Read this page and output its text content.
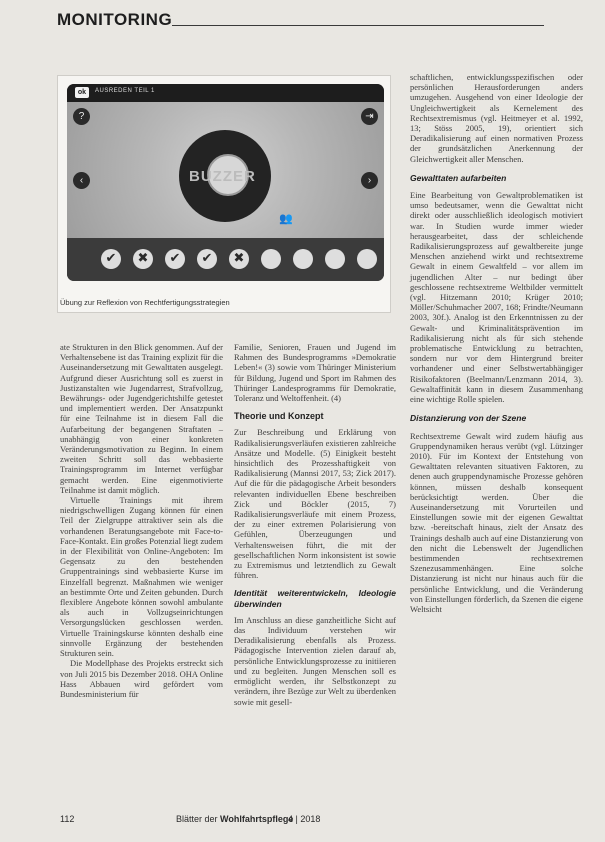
MONITORING
ok	AUSREDEN TEIL 1
?	⇥
‹	›
BUZZER
👥
✔	✖	✔	✔	✖
Übung zur Reflexion von Rechtfertigungsstrategien

ate Strukturen in den Blick genommen. Auf der Verhaltensebene ist das Training explizit für die Auseinandersetzung mit Gewalttaten ausgelegt. Aufgrund dieser Ausrichtung soll es zuerst in Justizanstalten wie Jugendarrest, Strafvollzug, Bewährungs- oder Jugendgerichtshilfe getestet und implementiert werden. Der Ansatzpunkt für eine Teilnahme ist in diesem Fall die Aufarbeitung der begangenen Straftaten – unabhängig von einer konkreten Veränderungsmotivation zu Beginn. In einem zweiten Schritt soll das webbasierte Trainingsprogramm im Internet verfügbar gemacht werden. Eine eigenmotivierte Teilnahme ist damit möglich.

Virtuelle Trainings mit ihrem niedrigschwelligen Zugang können für einen Teil der Zielgruppe attraktiver sein als die vorhandenen Beratungsangebote mit Face-to-Face-Kontakt. Ein großes Potenzial liegt zudem in der Flexibilität von Online-Angeboten: Im Gegensatz zu den bestehenden Gruppentrainings sind webbasierte Kurse im Einzelfall begrenzt. Maßnahmen wie weniger an bestimmte Orte und Zeiten gebunden. Durch flexiblere Angebote können sowohl ambulante als auch in Vollzugseinrichtungen Versorgungslücken geschlossen werden. Virtuelle Trainingskurse könnten deshalb eine sinnvolle Ergänzung der bestehenden Strukturen sein.

Die Modellphase des Projekts erstreckt sich von Juli 2015 bis Dezember 2018. OHA Online Hass Abbauen wird gefördert vom Bundesministerium für

Familie, Senioren, Frauen und Jugend im Rahmen des Bundesprogramms »Demokratie Leben!« (3) sowie vom Thüringer Ministerium für Bildung, Jugend und Sport im Rahmen des Thüringer Landesprogramms für Demokratie, Toleranz und Weltoffenheit. (4)

Theorie und Konzept

Zur Beschreibung und Erklärung von Radikalisierungsverläufen existieren zahlreiche Ansätze und Modelle. (5) Einigkeit besteht hinsichtlich des Prozesshaftigkeit von Radikalisierung (Mannsi 2017, 53; Zick 2017). Auf die für die pädagogische Arbeit besonders relevanten individuellen Ebene beschreiben Zick und Böckler (2015, 7) Radikalisierungsverläufe mit einem Prozess, der zu einer extremen Polarisierung von Gefühlen, Überzeugungen und Verhaltensweisen führt, die mit der gesellschaftlichen Norm inkonsistent ist sowie zu Extremismus und letztendlich zu Gewalt führen.

Identität weiterentwickeln, Ideologie überwinden

Im Anschluss an diese ganzheitliche Sicht auf das Individuum verstehen wir Deradikalisierung ebenfalls als Prozess. Pädagogische Intervention zielen darauf ab, persönliche Entwicklungsprozesse zu initiieren und zu begleiten. Jungen Menschen soll es ermöglicht werden, ihr Selbstkonzept zu verändern, ihre Bezüge zur Welt zu überdenken sowie mit gesell-

schaftlichen, entwicklungsspezifischen oder persönlichen Herausforderungen anders umzugehen. Ausgehend von einer Ideologie der Ungleichwertigkeit als Kernelement des Rechtsextremismus (vgl. Heitmeyer et al. 1992, 13; Stöss 2005, 19), orientiert sich Deradikalisierung auf einen normativen Prozess der grundsätzlichen Anerkennung der Gleichwertigkeit aller Menschen.

Gewalttaten aufarbeiten

Eine Bearbeitung von Gewaltproblematiken ist umso bedeutsamer, wenn die Gewalttat nicht direkt oder ausschließlich ideologisch motiviert war. In Studien wurde immer wieder herausgearbeitet, dass der schleichende Radikalisierungsprozess auf gewaltbereite junge Menschen anziehend wirkt und rechtsextreme Gewalt in einem Gewaltfeld – vor allem im jugendlichen Alter – nur bedingt über geschlossene rechtsextreme Weltbilder vermittelt (vgl. Hitzemann 2010; Krüger 2010; Möller/Schuhmacher 2007, 168; Frindte/Neumann 2003, 30f.). Analog ist den Erkenntnissen zu der Gewalt- und Kriminalitätsprävention im Radikalisierung nicht als für sich stehende problematische Entwicklung zu betrachten, sondern nur vor dem Hintergrund breiter vorhandener und einer Selbstwertabhängiger Risikofaktoren (Beelmann/Lenzmann 2014, 3). Gewaltaffinität kann in diesem Zusammenhang eine wichtige Rolle spielen.

Distanzierung von der Szene

Rechtsextreme Gewalt wird zudem häufig aus Gruppendynamiken heraus verübt (vgl. Lützinger 2010). Für im Kontext der Entstehung von Gewalttaten relevanten situativen Faktoren, zu denen auch gruppendynamische Prozesse gehören können, müssen deshalb konsequent berücksichtigt werden. Über die Auseinandersetzung mit Vorurteilen und Einstellungen sowie mit der eigenen Gewalttat bzw. -bereitschaft hinaus, zielt der Ansatz des Trainings deshalb auch auf eine Distanzierung von den nicht die Lebenswelt der Jugendlichen bestimmenden rechtsextremen Szenezusammenhängen. Eine solche Distanzierung ist nicht nur hinaus auch für die persönliche Entwicklung, und die Veränderung von Einstellungen förderlich, da Szenen die eigene Weltsicht

112	Blätter der Wohlfahrtspflege
4 | 2018
